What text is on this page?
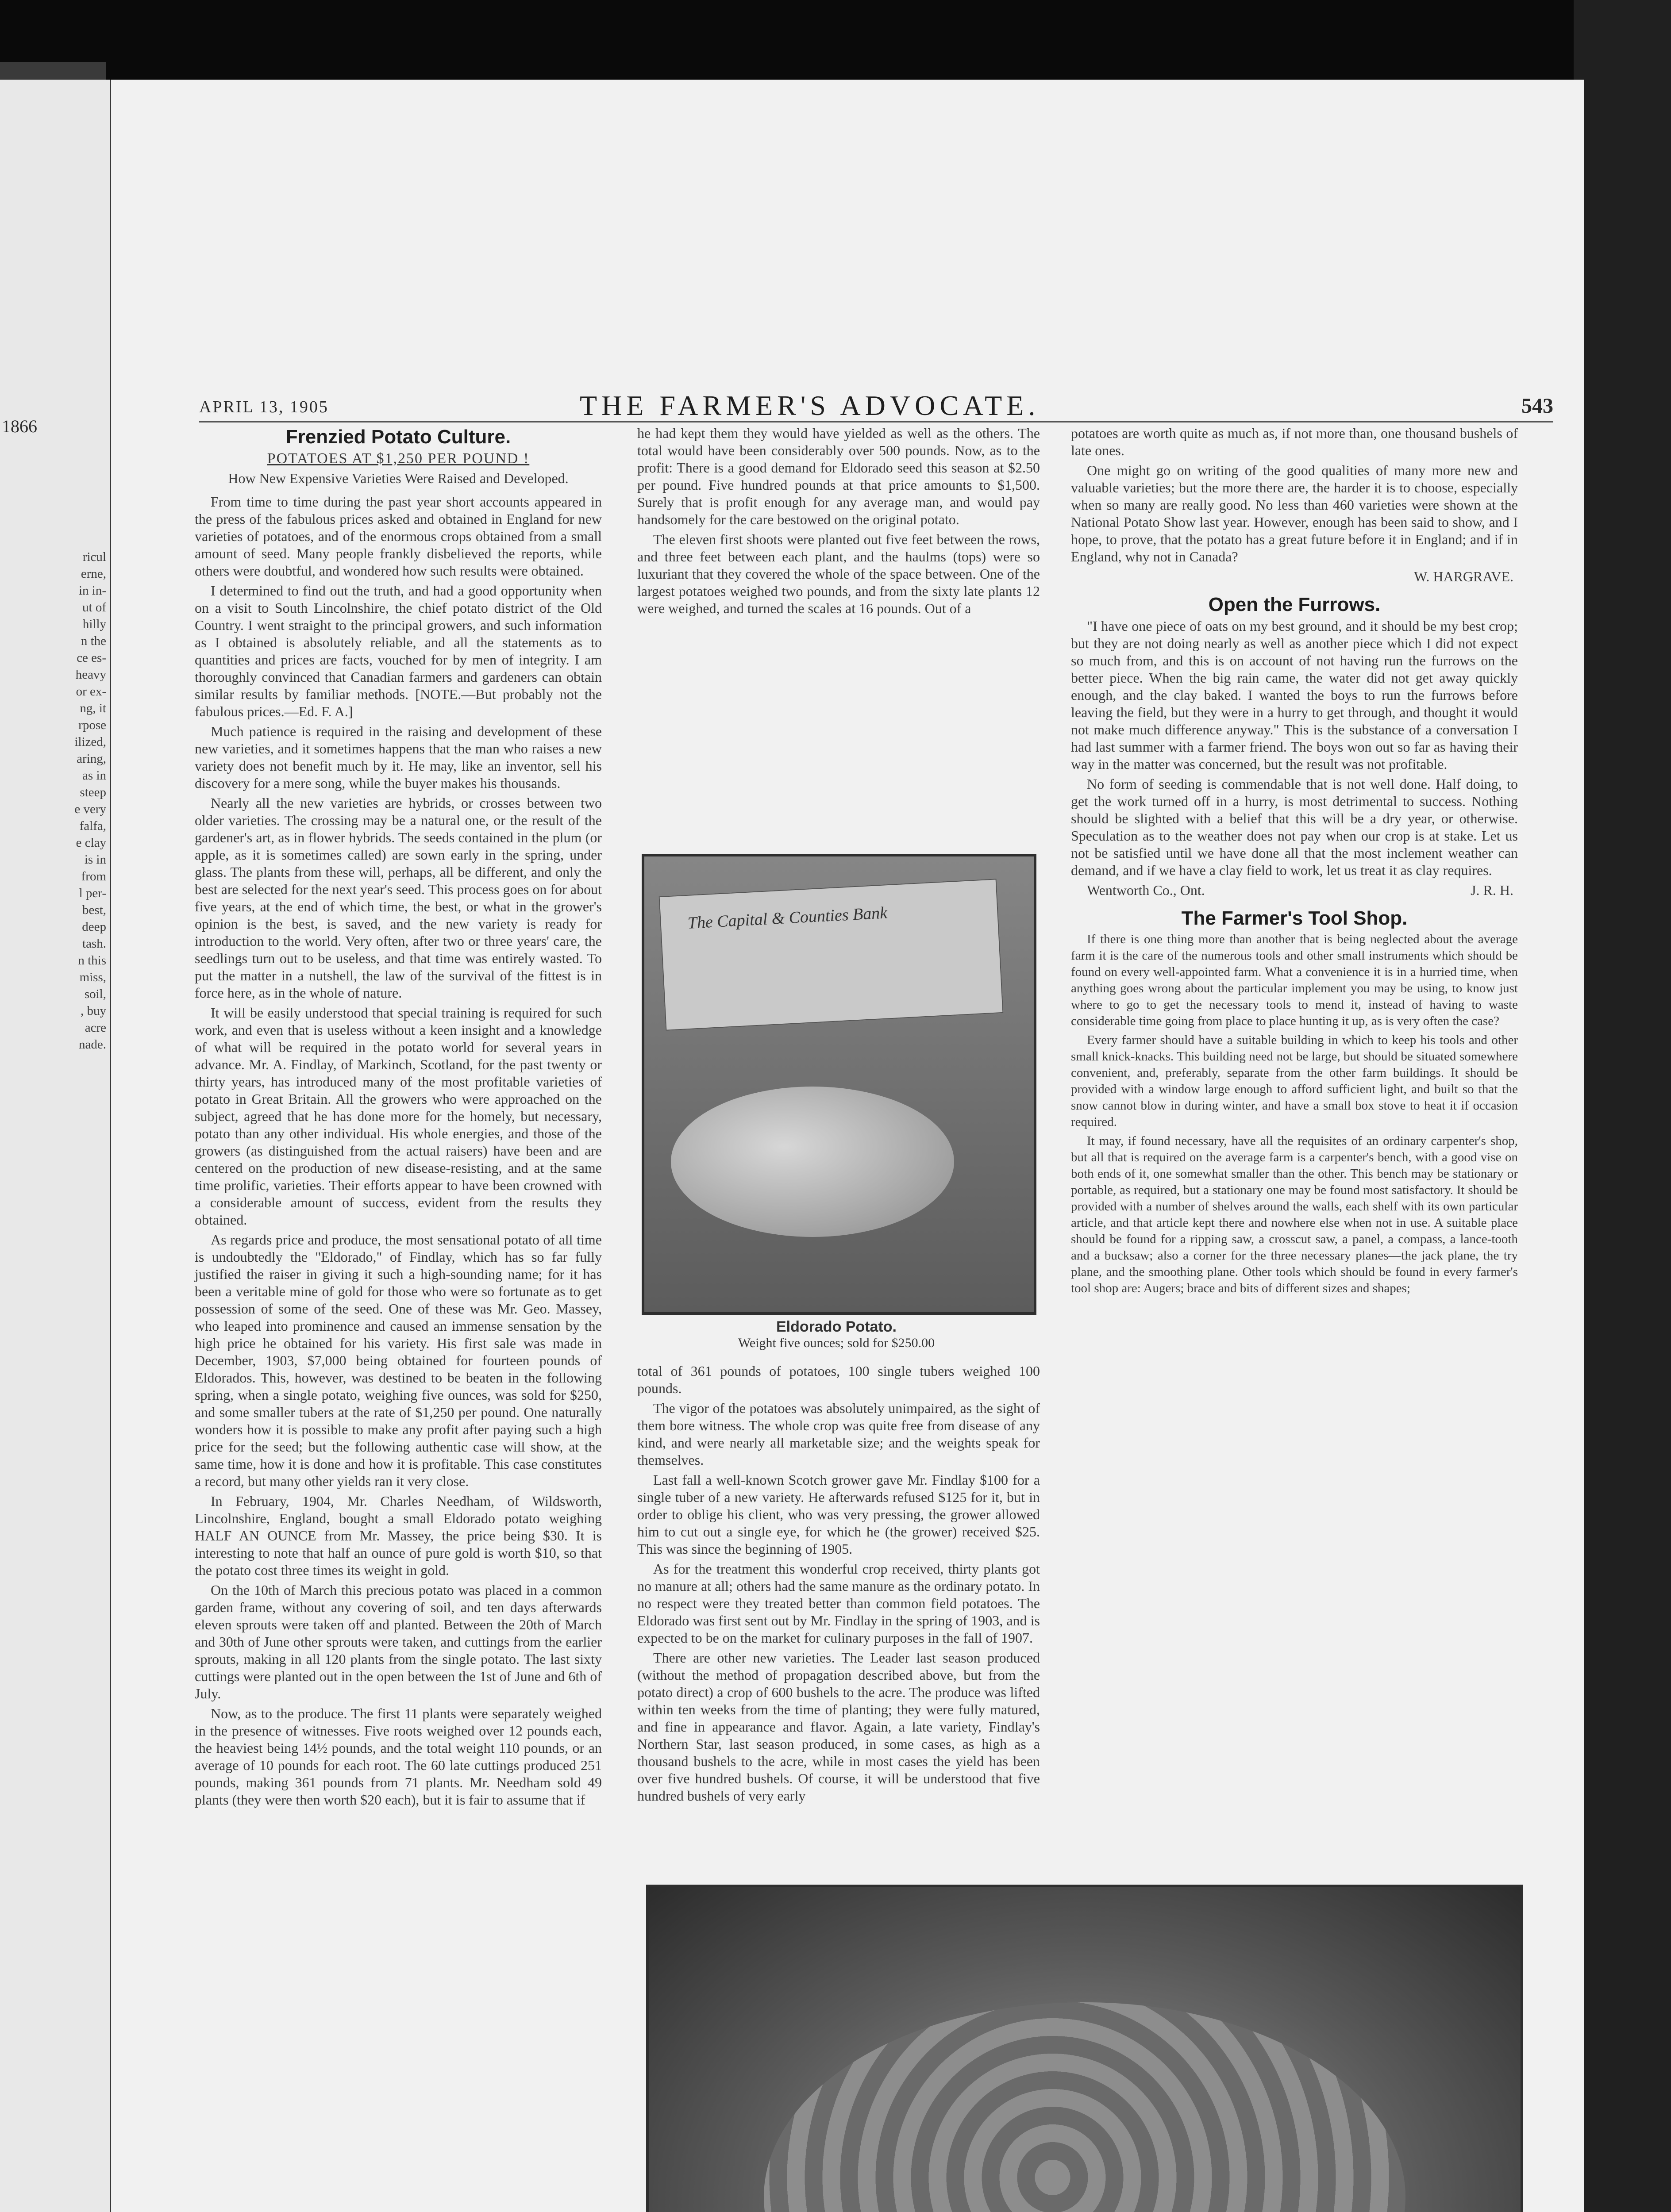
1866
ricul
erne,
in in-
ut of
hilly
n the
ce es-
heavy
or ex-
ng, it
rpose
ilized,
aring,
as in
steep
e very
falfa,
e clay
is in
from
l per-
best,
deep
tash.
n this
miss,
soil,
, buy
acre
nade.
APRIL 13, 1905	THE FARMER'S ADVOCATE.	543
Frenzied Potato Culture.
POTATOES AT $1,250 PER POUND !
How New Expensive Varieties Were Raised and Developed.

From time to time during the past year short accounts appeared in the press of the fabulous prices asked and obtained in England for new varieties of potatoes, and of the enormous crops obtained from a small amount of seed. Many people frankly disbelieved the reports, while others were doubtful, and wondered how such results were obtained.

I determined to find out the truth, and had a good opportunity when on a visit to South Lincolnshire, the chief potato district of the Old Country. I went straight to the principal growers, and such information as I obtained is absolutely reliable, and all the statements as to quantities and prices are facts, vouched for by men of integrity. I am thoroughly convinced that Canadian farmers and gardeners can obtain similar results by familiar methods. [NOTE.—But probably not the fabulous prices.—Ed. F. A.]

Much patience is required in the raising and development of these new varieties, and it sometimes happens that the man who raises a new variety does not benefit much by it. He may, like an inventor, sell his discovery for a mere song, while the buyer makes his thousands.

Nearly all the new varieties are hybrids, or crosses between two older varieties. The crossing may be a natural one, or the result of the gardener's art, as in flower hybrids. The seeds contained in the plum (or apple, as it is sometimes called) are sown early in the spring, under glass. The plants from these will, perhaps, all be different, and only the best are selected for the next year's seed. This process goes on for about five years, at the end of which time, the best, or what in the grower's opinion is the best, is saved, and the new variety is ready for introduction to the world. Very often, after two or three years' care, the seedlings turn out to be useless, and that time was entirely wasted. To put the matter in a nutshell, the law of the survival of the fittest is in force here, as in the whole of nature.

It will be easily understood that special training is required for such work, and even that is useless without a keen insight and a knowledge of what will be required in the potato world for several years in advance. Mr. A. Findlay, of Markinch, Scotland, for the past twenty or thirty years, has introduced many of the most profitable varieties of potato in Great Britain. All the growers who were approached on the subject, agreed that he has done more for the homely, but necessary, potato than any other individual. His whole energies, and those of the growers (as distinguished from the actual raisers) have been and are centered on the production of new disease-resisting, and at the same time prolific, varieties. Their efforts appear to have been crowned with a considerable amount of success, evident from the results they obtained.

As regards price and produce, the most sensational potato of all time is undoubtedly the "Eldorado," of Findlay, which has so far fully justified the raiser in giving it such a high-sounding name; for it has been a veritable mine of gold for those who were so fortunate as to get possession of some of the seed. One of these was Mr. Geo. Massey, who leaped into prominence and caused an immense sensation by the high price he obtained for his variety. His first sale was made in December, 1903, $7,000 being obtained for fourteen pounds of Eldorados. This, however, was destined to be beaten in the following spring, when a single potato, weighing five ounces, was sold for $250, and some smaller tubers at the rate of $1,250 per pound. One naturally wonders how it is possible to make any profit after paying such a high price for the seed; but the following authentic case will show, at the same time, how it is done and how it is profitable. This case constitutes a record, but many other yields ran it very close.

In February, 1904, Mr. Charles Needham, of Wildsworth, Lincolnshire, England, bought a small Eldorado potato weighing HALF AN OUNCE from Mr. Massey, the price being $30. It is interesting to note that half an ounce of pure gold is worth $10, so that the potato cost three times its weight in gold.

On the 10th of March this precious potato was placed in a common garden frame, without any covering of soil, and ten days afterwards eleven sprouts were taken off and planted. Between the 20th of March and 30th of June other sprouts were taken, and cuttings from the earlier sprouts, making in all 120 plants from the single potato. The last sixty cuttings were planted out in the open between the 1st of June and 6th of July.

Now, as to the produce. The first 11 plants were separately weighed in the presence of witnesses. Five roots weighed over 12 pounds each, the heaviest being 14½ pounds, and the total weight 110 pounds, or an average of 10 pounds for each root. The 60 late cuttings produced 251 pounds, making 361 pounds from 71 plants. Mr. Needham sold 49 plants (they were then worth $20 each), but it is fair to assume that if

he had kept them they would have yielded as well as the others. The total would have been considerably over 500 pounds. Now, as to the profit: There is a good demand for Eldorado seed this season at $2.50 per pound. Five hundred pounds at that price amounts to $1,500. Surely that is profit enough for any average man, and would pay handsomely for the care bestowed on the original potato.

The eleven first shoots were planted out five feet between the rows, and three feet between each plant, and the haulms (tops) were so luxuriant that they covered the whole of the space between. One of the largest potatoes weighed two pounds, and from the sixty late plants 12 were weighed, and turned the scales at 16 pounds. Out of a

The Capital & Counties Bank
Eldorado Potato.
Weight five ounces; sold for $250.00

total of 361 pounds of potatoes, 100 single tubers weighed 100 pounds.

The vigor of the potatoes was absolutely unimpaired, as the sight of them bore witness. The whole crop was quite free from disease of any kind, and were nearly all marketable size; and the weights speak for themselves.

Last fall a well-known Scotch grower gave Mr. Findlay $100 for a single tuber of a new variety. He afterwards refused $125 for it, but in order to oblige his client, who was very pressing, the grower allowed him to cut out a single eye, for which he (the grower) received $25. This was since the beginning of 1905.

As for the treatment this wonderful crop received, thirty plants got no manure at all; others had the same manure as the ordinary potato. In no respect were they treated better than common field potatoes. The Eldorado was first sent out by Mr. Findlay in the spring of 1903, and is expected to be on the market for culinary purposes in the fall of 1907.

There are other new varieties. The Leader last season produced (without the method of propagation described above, but from the potato direct) a crop of 600 bushels to the acre. The produce was lifted within ten weeks from the time of planting; they were fully matured, and fine in appearance and flavor. Again, a late variety, Findlay's Northern Star, last season produced, in some cases, as high as a thousand bushels to the acre, while in most cases the yield has been over five hundred bushels. Of course, it will be understood that five hundred bushels of very early

potatoes are worth quite as much as, if not more than, one thousand bushels of late ones.

One might go on writing of the good qualities of many more new and valuable varieties; but the more there are, the harder it is to choose, especially when so many are really good. No less than 460 varieties were shown at the National Potato Show last year. However, enough has been said to show, and I hope, to prove, that the potato has a great future before it in England; and if in England, why not in Canada?

W. HARGRAVE.
Open the Furrows.

"I have one piece of oats on my best ground, and it should be my best crop; but they are not doing nearly as well as another piece which I did not expect so much from, and this is on account of not having run the furrows on the better piece. When the big rain came, the water did not get away quickly enough, and the clay baked. I wanted the boys to run the furrows before leaving the field, but they were in a hurry to get through, and thought it would not make much difference anyway." This is the substance of a conversation I had last summer with a farmer friend. The boys won out so far as having their way in the matter was concerned, but the result was not profitable.

No form of seeding is commendable that is not well done. Half doing, to get the work turned off in a hurry, is most detrimental to success. Nothing should be slighted with a belief that this will be a dry year, or otherwise. Speculation as to the weather does not pay when our crop is at stake. Let us not be satisfied until we have done all that the most inclement weather can demand, and if we have a clay field to work, let us treat it as clay requires.

Wentworth Co., Ont.	J. R. H.
The Farmer's Tool Shop.

If there is one thing more than another that is being neglected about the average farm it is the care of the numerous tools and other small instruments which should be found on every well-appointed farm. What a convenience it is in a hurried time, when anything goes wrong about the particular implement you may be using, to know just where to go to get the necessary tools to mend it, instead of having to waste considerable time going from place to place hunting it up, as is very often the case?

Every farmer should have a suitable building in which to keep his tools and other small knick-knacks. This building need not be large, but should be situated somewhere convenient, and, preferably, separate from the other farm buildings. It should be provided with a window large enough to afford sufficient light, and built so that the snow cannot blow in during winter, and have a small box stove to heat it if occasion required.

It may, if found necessary, have all the requisites of an ordinary carpenter's shop, but all that is required on the average farm is a carpenter's bench, with a good vise on both ends of it, one somewhat smaller than the other. This bench may be stationary or portable, as required, but a stationary one may be found most satisfactory. It should be provided with a number of shelves around the walls, each shelf with its own particular article, and that article kept there and nowhere else when not in use. A suitable place should be found for a ripping saw, a crosscut saw, a panel, a compass, a lance-tooth and a bucksaw; also a corner for the three necessary planes—the jack plane, the try plane, and the smoothing plane. Other tools which should be found in every farmer's tool shop are: Augers; brace and bits of different sizes and shapes;
